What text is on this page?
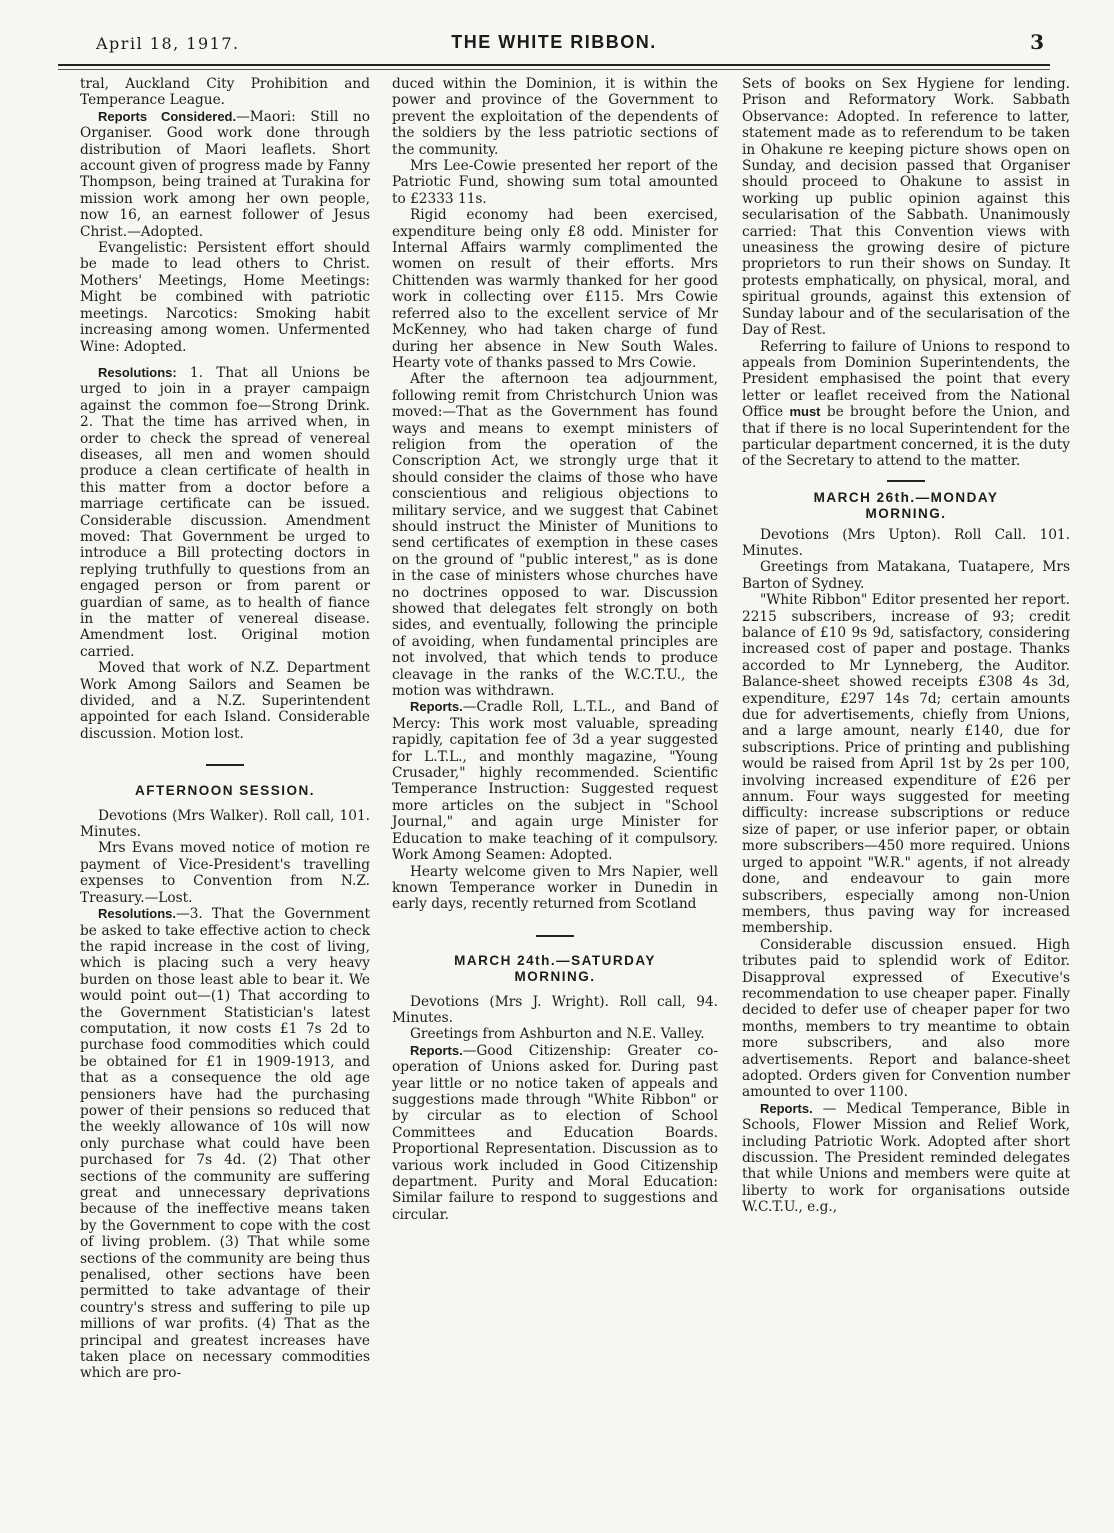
April 18, 1917.	THE WHITE RIBBON.	3

tral, Auckland City Prohibition and Temperance League.

Reports Considered.—Maori: Still no Organiser. Good work done through distribution of Maori leaflets. Short account given of progress made by Fanny Thompson, being trained at Turakina for mission work among her own people, now 16, an earnest follower of Jesus Christ.—Adopted.

Evangelistic: Persistent effort should be made to lead others to Christ. Mothers' Meetings, Home Meetings: Might be combined with patriotic meetings. Narcotics: Smoking habit increasing among women. Unfermented Wine: Adopted.

Resolutions: 1. That all Unions be urged to join in a prayer campaign against the common foe—Strong Drink. 2. That the time has arrived when, in order to check the spread of venereal diseases, all men and women should produce a clean certificate of health in this matter from a doctor before a marriage certificate can be issued. Considerable discussion. Amendment moved: That Government be urged to introduce a Bill protecting doctors in replying truthfully to questions from an engaged person or from parent or guardian of same, as to health of fiance in the matter of venereal disease. Amendment lost. Original motion carried.

Moved that work of N.Z. Department Work Among Sailors and Seamen be divided, and a N.Z. Superintendent appointed for each Island. Considerable discussion. Motion lost.

AFTERNOON SESSION.

Devotions (Mrs Walker). Roll call, 101. Minutes.

Mrs Evans moved notice of motion re payment of Vice-President's travelling expenses to Convention from N.Z. Treasury.—Lost.

Resolutions.—3. That the Government be asked to take effective action to check the rapid increase in the cost of living, which is placing such a very heavy burden on those least able to bear it. We would point out—(1) That according to the Government Statistician's latest computation, it now costs £1 7s 2d to purchase food commodities which could be obtained for £1 in 1909-1913, and that as a consequence the old age pensioners have had the purchasing power of their pensions so reduced that the weekly allowance of 10s will now only purchase what could have been purchased for 7s 4d. (2) That other sections of the community are suffering great and unnecessary deprivations because of the ineffective means taken by the Government to cope with the cost of living problem. (3) That while some sections of the community are being thus penalised, other sections have been permitted to take advantage of their country's stress and suffering to pile up millions of war profits. (4) That as the principal and greatest increases have taken place on necessary commodities which are pro-

duced within the Dominion, it is within the power and province of the Government to prevent the exploitation of the dependents of the soldiers by the less patriotic sections of the community.

Mrs Lee-Cowie presented her report of the Patriotic Fund, showing sum total amounted to £2333 11s.

Rigid economy had been exercised, expenditure being only £8 odd. Minister for Internal Affairs warmly complimented the women on result of their efforts. Mrs Chittenden was warmly thanked for her good work in collecting over £115. Mrs Cowie referred also to the excellent service of Mr McKenney, who had taken charge of fund during her absence in New South Wales. Hearty vote of thanks passed to Mrs Cowie.

After the afternoon tea adjournment, following remit from Christchurch Union was moved:—That as the Government has found ways and means to exempt ministers of religion from the operation of the Conscription Act, we strongly urge that it should consider the claims of those who have conscientious and religious objections to military service, and we suggest that Cabinet should instruct the Minister of Munitions to send certificates of exemption in these cases on the ground of "public interest," as is done in the case of ministers whose churches have no doctrines opposed to war. Discussion showed that delegates felt strongly on both sides, and eventually, following the principle of avoiding, when fundamental principles are not involved, that which tends to produce cleavage in the ranks of the W.C.T.U., the motion was withdrawn.

Reports.—Cradle Roll, L.T.L., and Band of Mercy: This work most valuable, spreading rapidly, capitation fee of 3d a year suggested for L.T.L., and monthly magazine, "Young Crusader," highly recommended. Scientific Temperance Instruction: Suggested request more articles on the subject in "School Journal," and again urge Minister for Education to make teaching of it compulsory. Work Among Seamen: Adopted.

Hearty welcome given to Mrs Napier, well known Temperance worker in Dunedin in early days, recently returned from Scotland

MARCH 24th.—SATURDAY

MORNING.

Devotions (Mrs J. Wright). Roll call, 94. Minutes.

Greetings from Ashburton and N.E. Valley.

Reports.—Good Citizenship: Greater co-operation of Unions asked for. During past year little or no notice taken of appeals and suggestions made through "White Ribbon" or by circular as to election of School Committees and Education Boards. Proportional Representation. Discussion as to various work included in Good Citizenship department. Purity and Moral Education: Similar failure to respond to suggestions and circular.

Sets of books on Sex Hygiene for lending. Prison and Reformatory Work. Sabbath Observance: Adopted. In reference to latter, statement made as to referendum to be taken in Ohakune re keeping picture shows open on Sunday, and decision passed that Organiser should proceed to Ohakune to assist in working up public opinion against this secularisation of the Sabbath. Unanimously carried: That this Convention views with uneasiness the growing desire of picture proprietors to run their shows on Sunday. It protests emphatically, on physical, moral, and spiritual grounds, against this extension of Sunday labour and of the secularisation of the Day of Rest.

Referring to failure of Unions to respond to appeals from Dominion Superintendents, the President emphasised the point that every letter or leaflet received from the National Office must be brought before the Union, and that if there is no local Superintendent for the particular department concerned, it is the duty of the Secretary to attend to the matter.

MARCH 26th.—MONDAY

MORNING.

Devotions (Mrs Upton). Roll Call. 101. Minutes.

Greetings from Matakana, Tuatapere, Mrs Barton of Sydney.

"White Ribbon" Editor presented her report. 2215 subscribers, increase of 93; credit balance of £10 9s 9d, satisfactory, considering increased cost of paper and postage. Thanks accorded to Mr Lynneberg, the Auditor. Balance-sheet showed receipts £308 4s 3d, expenditure, £297 14s 7d; certain amounts due for advertisements, chiefly from Unions, and a large amount, nearly £140, due for subscriptions. Price of printing and publishing would be raised from April 1st by 2s per 100, involving increased expenditure of £26 per annum. Four ways suggested for meeting difficulty: increase subscriptions or reduce size of paper, or use inferior paper, or obtain more subscribers—450 more required. Unions urged to appoint "W.R." agents, if not already done, and endeavour to gain more subscribers, especially among non-Union members, thus paving way for increased membership.

Considerable discussion ensued. High tributes paid to splendid work of Editor. Disapproval expressed of Executive's recommendation to use cheaper paper. Finally decided to defer use of cheaper paper for two months, members to try meantime to obtain more subscribers, and also more advertisements. Report and balance-sheet adopted. Orders given for Convention number amounted to over 1100.

Reports. — Medical Temperance, Bible in Schools, Flower Mission and Relief Work, including Patriotic Work. Adopted after short discussion. The President reminded delegates that while Unions and members were quite at liberty to work for organisations outside W.C.T.U., e.g.,
